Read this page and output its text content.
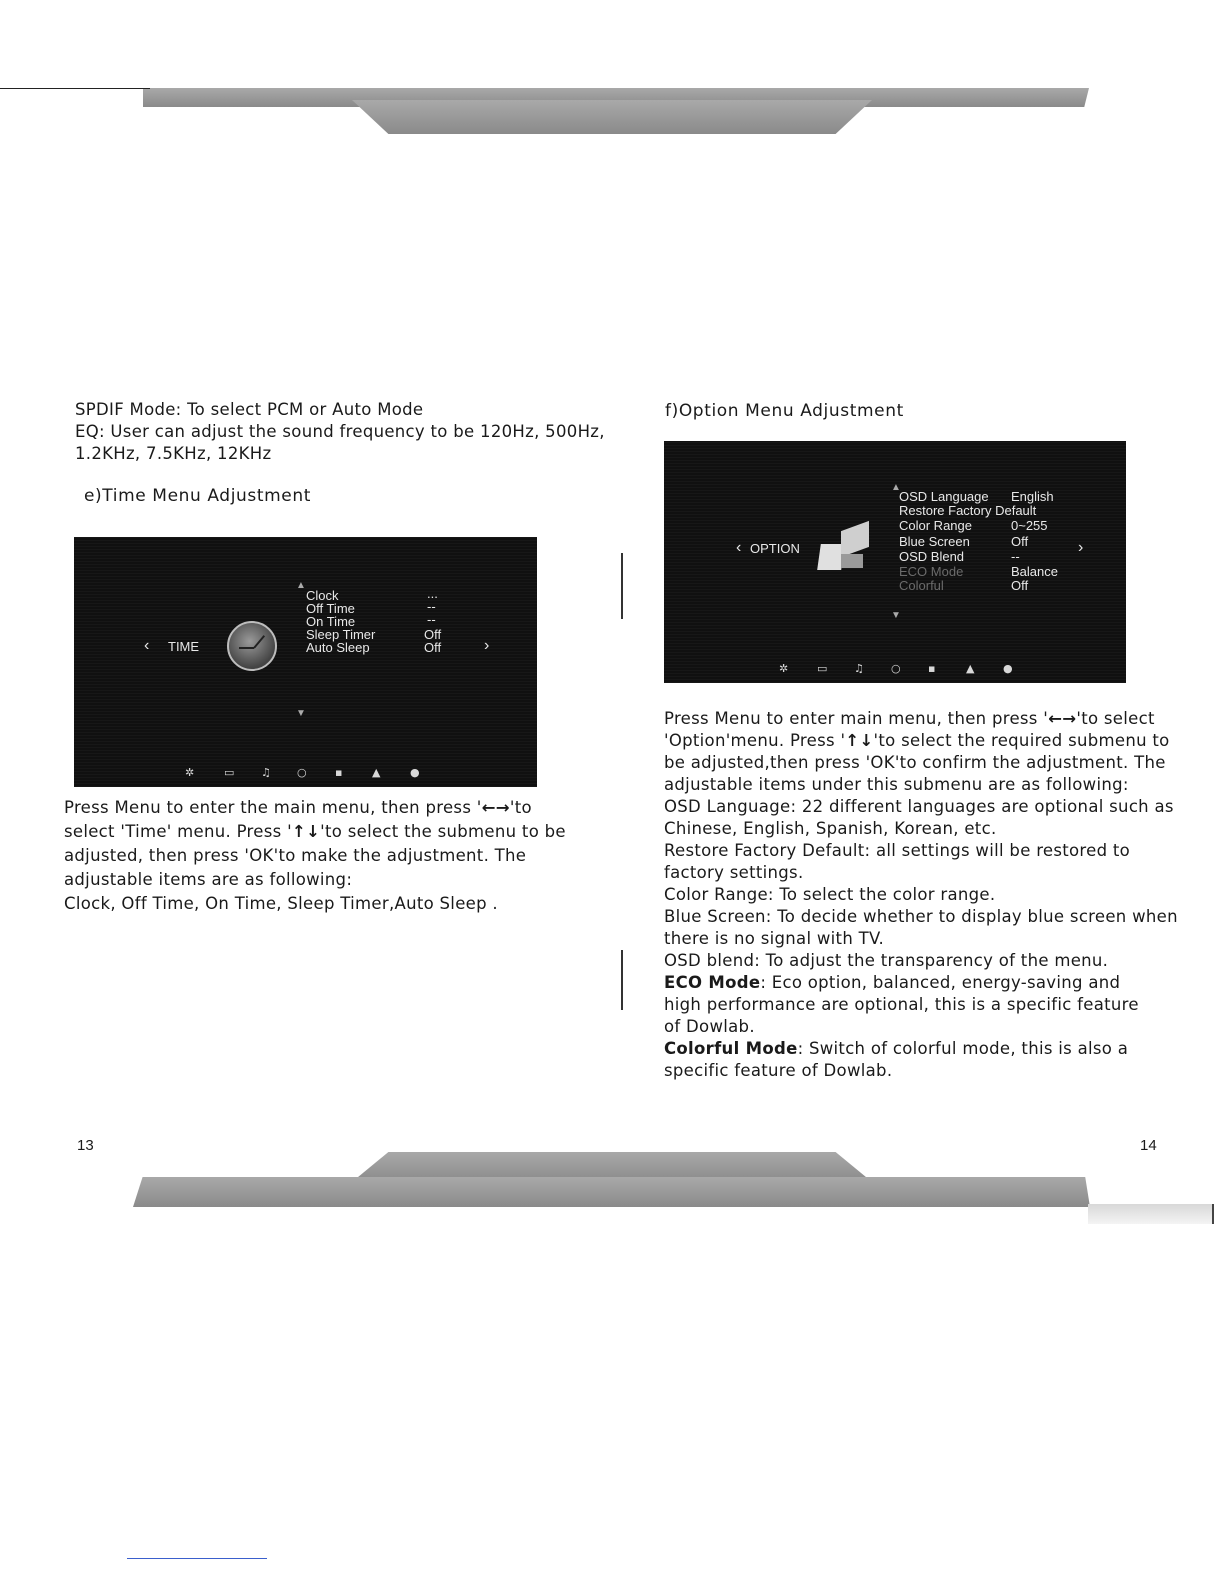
SPDIF Mode: To select PCM or Auto Mode
EQ: User can adjust the sound frequency to be 120Hz, 500Hz,
1.2KHz, 7.5KHz, 12KHz
e)Time Menu Adjustment
‹ TIME
▲
Clock	...
Off Time	--
On Time	--
Sleep Timer	Off
Auto Sleep	Off	›
▼
✲	▭ ♫ ○	▪	▲	●
Press Menu to enter the main menu, then press '←→'to
select 'Time' menu. Press '↑↓'to select the submenu to be
adjusted, then press 'OK'to make the adjustment. The
adjustable items are as following:
Clock, Off Time, On Time, Sleep Timer,Auto Sleep .
13
f)Option Menu Adjustment
‹ OPTION
▲
OSD Language English
Restore Factory Default
Color Range	0~255
Blue Screen	Off
OSD Blend	--
ECO Mode	Balance
Colorful	Off
›
▼
✲	▭ ♫ ○ ▪	▲	●
Press Menu to enter main menu, then press '←→'to select
'Option'menu. Press '↑↓'to select the required submenu to
be adjusted,then press 'OK'to confirm the adjustment. The
adjustable items under this submenu are as following:
OSD Language: 22 different languages are optional such as
Chinese, English, Spanish, Korean, etc.
Restore Factory Default: all settings will be restored to
factory settings.
Color Range: To select the color range.
Blue Screen: To decide whether to display blue screen when
there is no signal with TV.
OSD blend: To adjust the transparency of the menu.
ECO Mode: Eco option, balanced, energy-saving and
high performance are optional, this is a specific feature
of Dowlab.
Colorful Mode: Switch of colorful mode, this is also a
specific feature of Dowlab.
14
